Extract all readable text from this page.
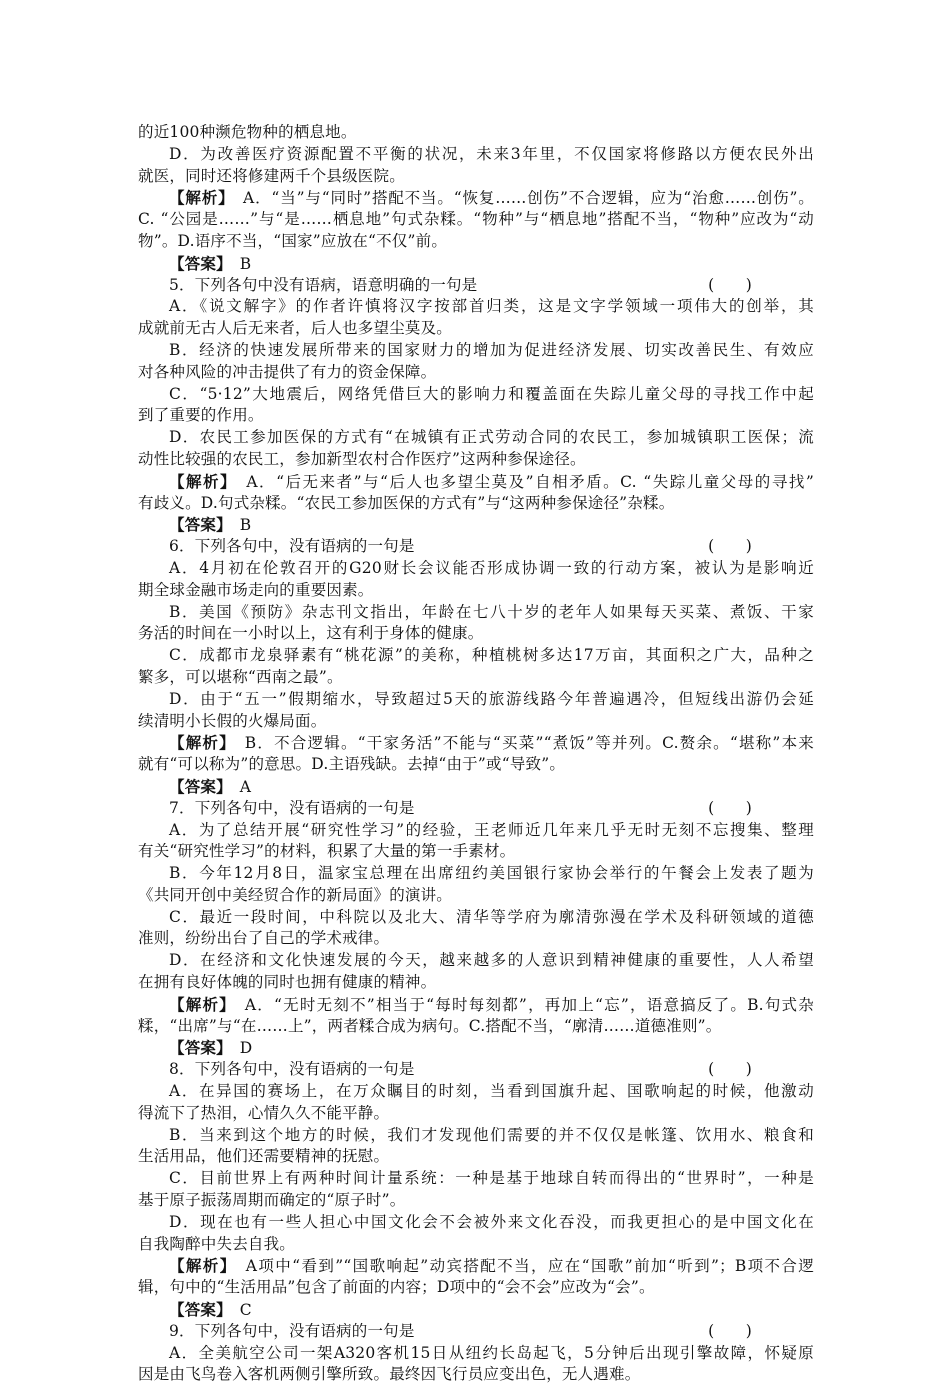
的近100种濒危物种的栖息地。
D．为改善医疗资源配置不平衡的状况，未来3年里，不仅国家将修路以方便农民外出
就医，同时还将修建两千个县级医院。
【解析】　A．“当”与“同时”搭配不当。“恢复……创伤”不合逻辑，应为“治愈……创伤”。
C. “公园是……”与“是……栖息地”句式杂糅。“物种”与“栖息地”搭配不当，“物种”应改为“动
物”。D.语序不当，“国家”应放在“不仅”前。
【答案】　B
5．下列各句中没有语病，语意明确的一句是	(　　)
A．《说文解字》的作者许慎将汉字按部首归类，这是文字学领域一项伟大的创举，其
成就前无古人后无来者，后人也多望尘莫及。
B．经济的快速发展所带来的国家财力的增加为促进经济发展、切实改善民生、有效应
对各种风险的冲击提供了有力的资金保障。
C．“5·12”大地震后，网络凭借巨大的影响力和覆盖面在失踪儿童父母的寻找工作中起
到了重要的作用。
D．农民工参加医保的方式有“在城镇有正式劳动合同的农民工，参加城镇职工医保；流
动性比较强的农民工，参加新型农村合作医疗”这两种参保途径。
【解析】　A．“后无来者”与“后人也多望尘莫及”自相矛盾。C. “失踪儿童父母的寻找”
有歧义。D.句式杂糅。“农民工参加医保的方式有”与“这两种参保途径”杂糅。
【答案】　B
6．下列各句中，没有语病的一句是	(　　)
A．4月初在伦敦召开的G20财长会议能否形成协调一致的行动方案，被认为是影响近
期全球金融市场走向的重要因素。
B．美国《预防》杂志刊文指出，年龄在七八十岁的老年人如果每天买菜、煮饭、干家
务活的时间在一小时以上，这有利于身体的健康。
C．成都市龙泉驿素有“桃花源”的美称，种植桃树多达17万亩，其面积之广大，品种之
繁多，可以堪称“西南之最”。
D．由于“五一”假期缩水，导致超过5天的旅游线路今年普遍遇冷，但短线出游仍会延
续清明小长假的火爆局面。
【解析】　B．不合逻辑。“干家务活”不能与“买菜”“煮饭”等并列。C.赘余。“堪称”本来
就有“可以称为”的意思。D.主语残缺。去掉“由于”或“导致”。
【答案】　A
7．下列各句中，没有语病的一句是	(　　)
A．为了总结开展“研究性学习”的经验，王老师近几年来几乎无时无刻不忘搜集、整理
有关“研究性学习”的材料，积累了大量的第一手素材。
B．今年12月8日，温家宝总理在出席纽约美国银行家协会举行的午餐会上发表了题为
《共同开创中美经贸合作的新局面》的演讲。
C．最近一段时间，中科院以及北大、清华等学府为廓清弥漫在学术及科研领域的道德
准则，纷纷出台了自己的学术戒律。
D．在经济和文化快速发展的今天，越来越多的人意识到精神健康的重要性，人人希望
在拥有良好体魄的同时也拥有健康的精神。
【解析】　A．“无时无刻不”相当于“每时每刻都”，再加上“忘”，语意搞反了。B.句式杂
糅，“出席”与“在……上”，两者糅合成为病句。C.搭配不当，“廓清……道德准则”。
【答案】　D
8．下列各句中，没有语病的一句是	(　　)
A．在异国的赛场上，在万众瞩目的时刻，当看到国旗升起、国歌响起的时候，他激动
得流下了热泪，心情久久不能平静。
B．当来到这个地方的时候，我们才发现他们需要的并不仅仅是帐篷、饮用水、粮食和
生活用品，他们还需要精神的抚慰。
C．目前世界上有两种时间计量系统：一种是基于地球自转而得出的“世界时”，一种是
基于原子振荡周期而确定的“原子时”。
D．现在也有一些人担心中国文化会不会被外来文化吞没，而我更担心的是中国文化在
自我陶醉中失去自我。
【解析】　A项中“看到”“国歌响起”动宾搭配不当，应在“国歌”前加“听到”；B项不合逻
辑，句中的“生活用品”包含了前面的内容；D项中的“会不会”应改为“会”。
【答案】　C
9．下列各句中，没有语病的一句是	(　　)
A．全美航空公司一架A320客机15日从纽约长岛起飞，5分钟后出现引擎故障，怀疑原
因是由飞鸟卷入客机两侧引擎所致。最终因飞行员应变出色，无人遇难。
